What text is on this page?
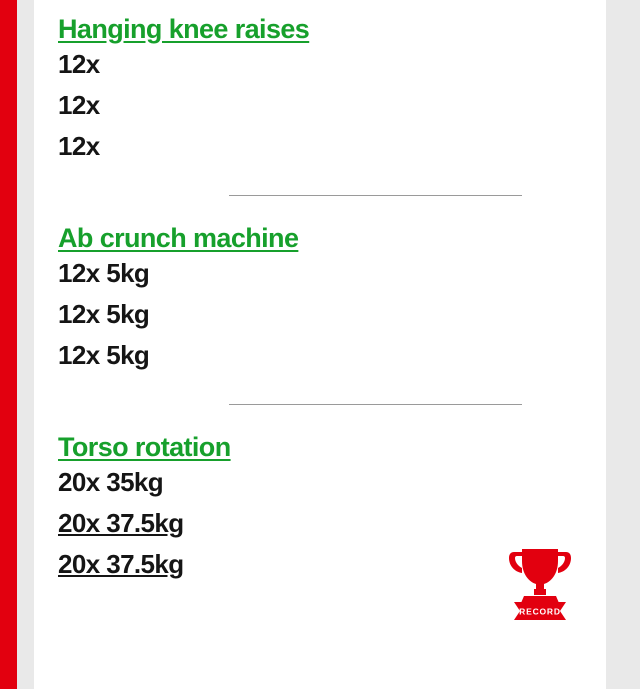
Hanging knee raises
12x
12x
12x
Ab crunch machine
12x 5kg
12x 5kg
12x 5kg
Torso rotation
20x 35kg
20x 37.5kg
20x 37.5kg
RECORD
